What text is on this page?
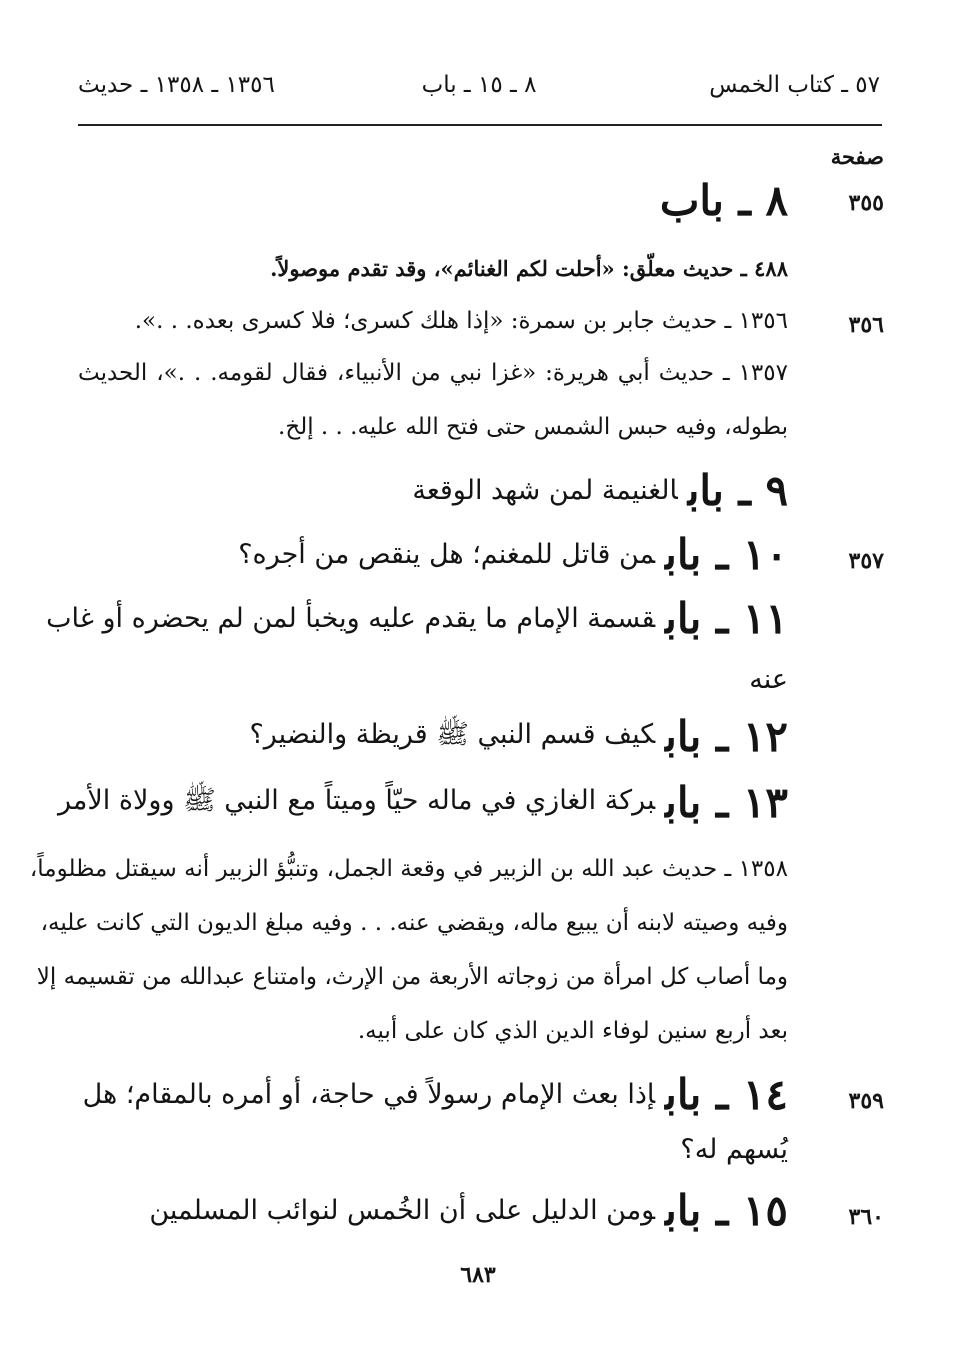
٥٧ ـ كتاب الخمس
٨ ـ ١٥ ـ باب
١٣٥٦ ـ ١٣٥٨ ـ حديث
صفحة
٣٥٥
٨ ـ باب
٤٨٨ ـ حديث معلّق: «أحلت لكم الغنائم»، وقد تقدم موصولاً.
٣٥٦
١٣٥٦ ـ حديث جابر بن سمرة: «إذا هلك كسرى؛ فلا كسرى بعده. . .».
١٣٥٧ ـ حديث أبي هريرة: «غزا نبي من الأنبياء، فقال لقومه. . .»، الحديث
بطوله، وفيه حبس الشمس حتى فتح الله عليه. . . إلخ.
٩ ـ بابالغنيمة لمن شهد الوقعة
٣٥٧
١٠ ـ بابمن قاتل للمغنم؛ هل ينقص من أجره؟
١١ ـ بابقسمة الإمام ما يقدم عليه ويخبأ لمن لم يحضره أو غاب
عنه
١٢ ـ بابكيف قسم النبي ﷺ قريظة والنضير؟
١٣ ـ باببركة الغازي في ماله حيّاً وميتاً مع النبي ﷺ وولاة الأمر
١٣٥٨ ـ حديث عبد الله بن الزبير في وقعة الجمل، وتنبُّؤ الزبير أنه سيقتل مظلوماً،
وفيه وصيته لابنه أن يبيع ماله، ويقضي عنه. . . وفيه مبلغ الديون التي كانت عليه،
وما أصاب كل امرأة من زوجاته الأربعة من الإرث، وامتناع عبدالله من تقسيمه إلا
بعد أربع سنين لوفاء الدين الذي كان على أبيه.
٣٥٩
١٤ ـ بابإذا بعث الإمام رسولاً في حاجة، أو أمره بالمقام؛ هل
يُسهم له؟
٣٦٠
١٥ ـ بابومن الدليل على أن الخُمس لنوائب المسلمين
٦٨٣
